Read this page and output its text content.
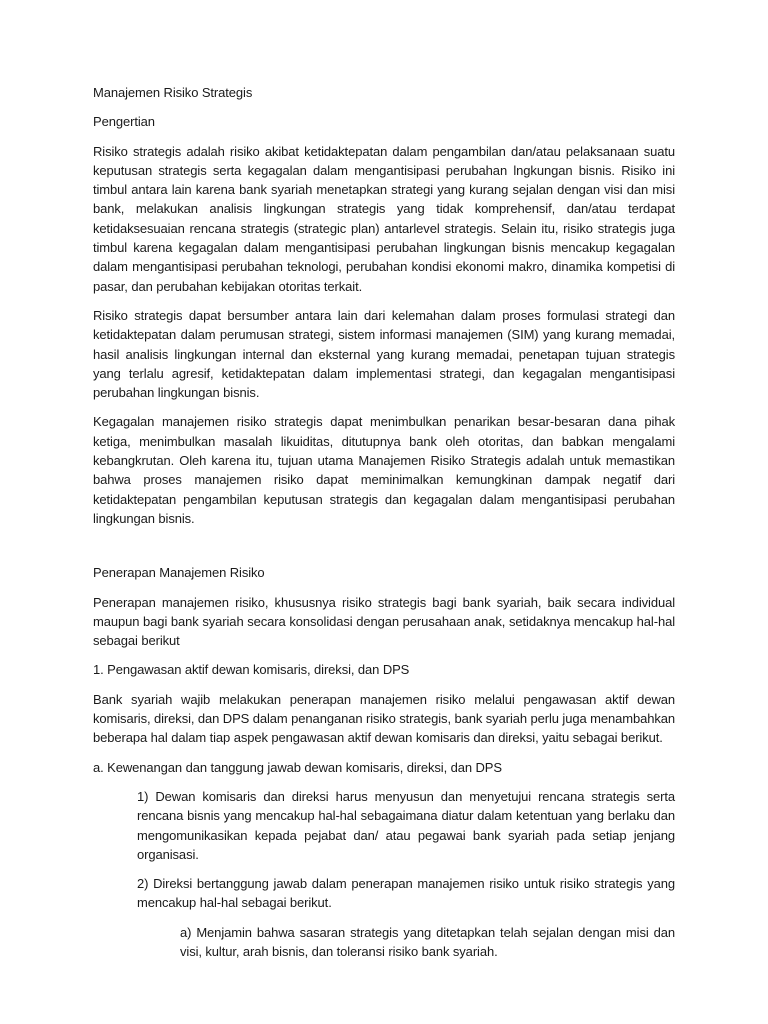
Manajemen Risiko Strategis

Pengertian

Risiko strategis adalah risiko akibat ketidaktepatan dalam pengambilan dan/atau pelaksanaan suatu keputusan strategis serta kegagalan dalam mengantisipasi perubahan lngkungan bisnis. Risiko ini timbul antara lain karena bank syariah menetapkan strategi yang kurang sejalan dengan visi dan misi bank, melakukan analisis lingkungan strategis yang tidak komprehensif, dan/atau terdapat ketidaksesuaian rencana strategis (strategic plan) antarlevel strategis. Selain itu, risiko strategis juga timbul karena kegagalan dalam mengantisipasi perubahan lingkungan bisnis mencakup kegagalan dalam mengantisipasi perubahan teknologi, perubahan kondisi ekonomi makro, dinamika kompetisi di pasar, dan perubahan kebijakan otoritas terkait.

Risiko strategis dapat bersumber antara lain dari kelemahan dalam proses formulasi strategi dan ketidaktepatan dalam perumusan strategi, sistem informasi manajemen (SIM) yang kurang memadai, hasil analisis lingkungan internal dan eksternal yang kurang memadai, penetapan tujuan strategis yang terlalu agresif, ketidaktepatan dalam implementasi strategi, dan kegagalan mengantisipasi perubahan lingkungan bisnis.

Kegagalan manajemen risiko strategis dapat menimbulkan penarikan besar-besaran dana pihak ketiga, menimbulkan masalah likuiditas, ditutupnya bank oleh otoritas, dan babkan mengalami kebangkrutan. Oleh karena itu, tujuan utama Manajemen Risiko Strategis adalah untuk memastikan bahwa proses manajemen risiko dapat meminimalkan kemungkinan dampak negatif dari ketidaktepatan pengambilan keputusan strategis dan kegagalan dalam mengantisipasi perubahan lingkungan bisnis.

Penerapan Manajemen Risiko

Penerapan manajemen risiko, khususnya risiko strategis bagi bank syariah, baik secara individual maupun bagi bank syariah secara konsolidasi dengan perusahaan anak, setidaknya mencakup hal-hal sebagai berikut

1. Pengawasan aktif dewan komisaris, direksi, dan DPS

Bank syariah wajib melakukan penerapan manajemen risiko melalui pengawasan aktif dewan komisaris, direksi, dan DPS dalam penanganan risiko strategis, bank syariah perlu juga menambahkan beberapa hal dalam tiap aspek pengawasan aktif dewan komisaris dan direksi, yaitu sebagai berikut.

a. Kewenangan dan tanggung jawab dewan komisaris, direksi, dan DPS

1) Dewan komisaris dan direksi harus menyusun dan menyetujui rencana strategis serta rencana bisnis yang mencakup hal-hal sebagaimana diatur dalam ketentuan yang berlaku dan mengomunikasikan kepada pejabat dan/ atau pegawai bank syariah pada setiap jenjang organisasi.

2) Direksi bertanggung jawab dalam penerapan manajemen risiko untuk risiko strategis yang mencakup hal-hal sebagai berikut.

a) Menjamin bahwa sasaran strategis yang ditetapkan telah sejalan dengan misi dan visi, kultur, arah bisnis, dan toleransi risiko bank syariah.
